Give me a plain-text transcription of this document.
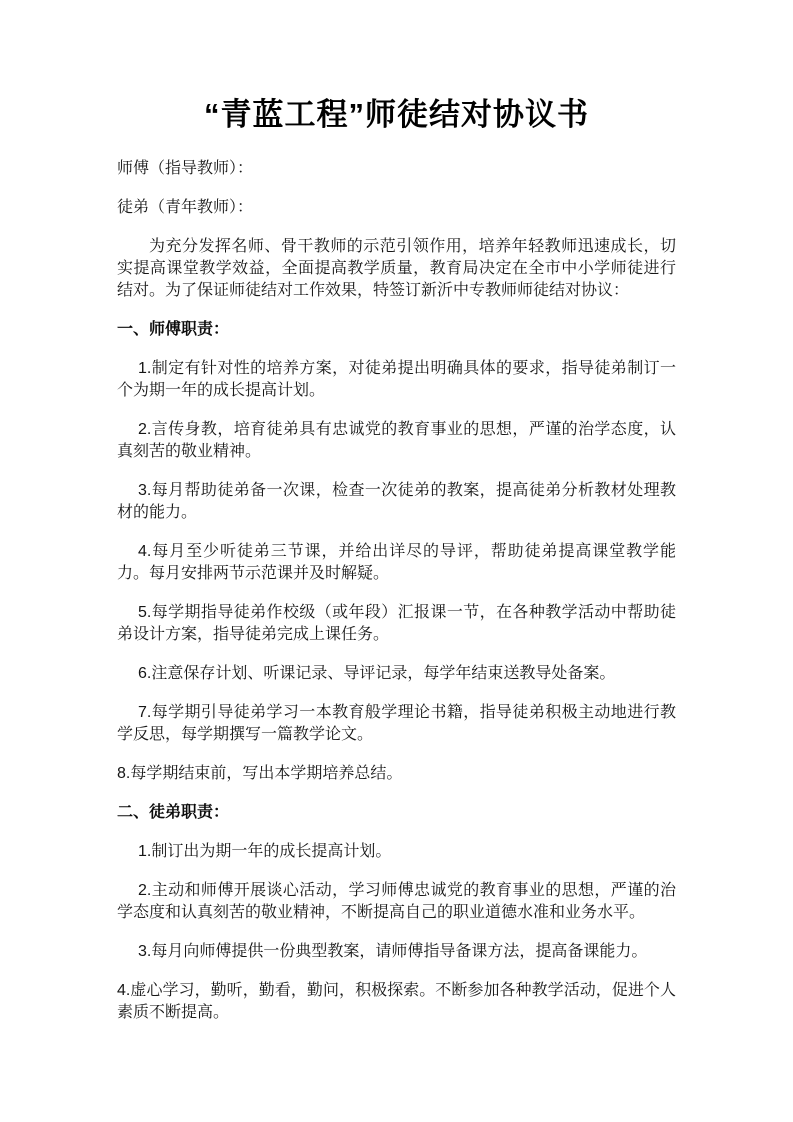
“青蓝工程”师徒结对协议书

师傅（指导教师）：

徒弟（青年教师）：

为充分发挥名师、骨干教师的示范引领作用，培养年轻教师迅速成长，切实提高课堂教学效益，全面提高教学质量，教育局决定在全市中小学师徒进行结对。为了保证师徒结对工作效果，特签订新沂中专教师师徒结对协议：

一、师傅职责：

1.制定有针对性的培养方案，对徒弟提出明确具体的要求，指导徒弟制订一个为期一年的成长提高计划。

2.言传身教，培育徒弟具有忠诚党的教育事业的思想，严谨的治学态度，认真刻苦的敬业精神。

3.每月帮助徒弟备一次课，检查一次徒弟的教案，提高徒弟分析教材处理教材的能力。

4.每月至少听徒弟三节课，并给出详尽的导评，帮助徒弟提高课堂教学能力。每月安排两节示范课并及时解疑。

5.每学期指导徒弟作校级（或年段）汇报课一节，在各种教学活动中帮助徒弟设计方案，指导徒弟完成上课任务。

6.注意保存计划、听课记录、导评记录，每学年结束送教导处备案。

7.每学期引导徒弟学习一本教育般学理论书籍，指导徒弟积极主动地进行教学反思，每学期撰写一篇教学论文。

8.每学期结束前，写出本学期培养总结。

二、徒弟职责：

1.制订出为期一年的成长提高计划。

2.主动和师傅开展谈心活动，学习师傅忠诚党的教育事业的思想，严谨的治学态度和认真刻苦的敬业精神，不断提高自己的职业道德水准和业务水平。

3.每月向师傅提供一份典型教案，请师傅指导备课方法，提高备课能力。

4.虚心学习，勤听，勤看，勤问，积极探索。不断参加各种教学活动，促进个人素质不断提高。
